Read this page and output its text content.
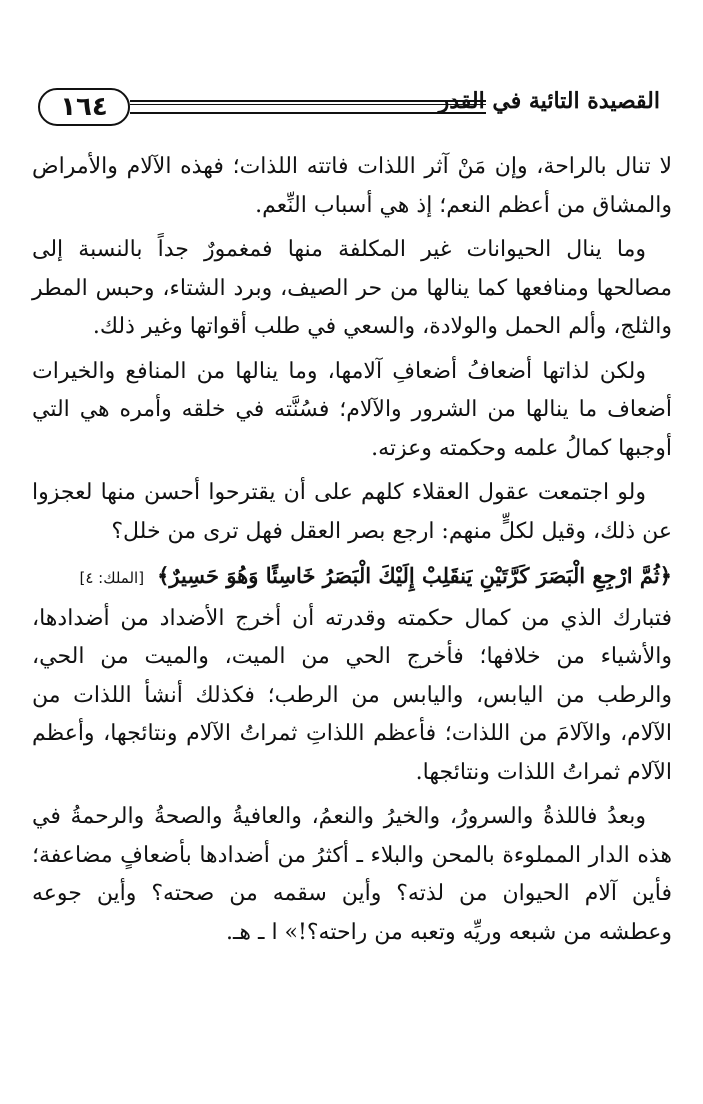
١٦٤	القصيدة التائية في القدر

لا تنال بالراحة، وإن مَنْ آثر اللذات فاتته اللذات؛ فهذه الآلام والأمراض والمشاق من أعظم النعم؛ إذ هي أسباب النِّعم.

وما ينال الحيوانات غير المكلفة منها فمغمورٌ جداً بالنسبة إلى مصالحها ومنافعها كما ينالها من حر الصيف، وبرد الشتاء، وحبس المطر والثلج، وألم الحمل والولادة، والسعي في طلب أقواتها وغير ذلك.

ولكن لذاتها أضعافُ أضعافِ آلامها، وما ينالها من المنافع والخيرات أضعاف ما ينالها من الشرور والآلام؛ فسُنَّته في خلقه وأمره هي التي أوجبها كمالُ علمه وحكمته وعزته.

ولو اجتمعت عقول العقلاء كلهم على أن يقترحوا أحسن منها لعجزوا عن ذلك، وقيل لكلٍّ منهم: ارجع بصر العقل فهل ترى من خلل؟

﴿ثُمَّ ارْجِعِ الْبَصَرَ كَرَّتَيْنِ يَنقَلِبْ إِلَيْكَ الْبَصَرُ خَاسِئًا وَهُوَ حَسِيرٌ﴾ [الملك: ٤]

فتبارك الذي من كمال حكمته وقدرته أن أخرج الأضداد من أضدادها، والأشياء من خلافها؛ فأخرج الحي من الميت، والميت من الحي، والرطب من اليابس، واليابس من الرطب؛ فكذلك أنشأ اللذات من الآلام، والآلامَ من اللذات؛ فأعظم اللذاتِ ثمراتُ الآلام ونتائجها، وأعظم الآلام ثمراتُ اللذات ونتائجها.

وبعدُ فاللذةُ والسرورُ، والخيرُ والنعمُ، والعافيةُ والصحةُ والرحمةُ في هذه الدار المملوءة بالمحن والبلاء ـ أكثرُ من أضدادها بأضعافٍ مضاعفة؛ فأين آلام الحيوان من لذته؟ وأين سقمه من صحته؟ وأين جوعه وعطشه من شبعه وريِّه وتعبه من راحته؟!» ا ـ هـ.
